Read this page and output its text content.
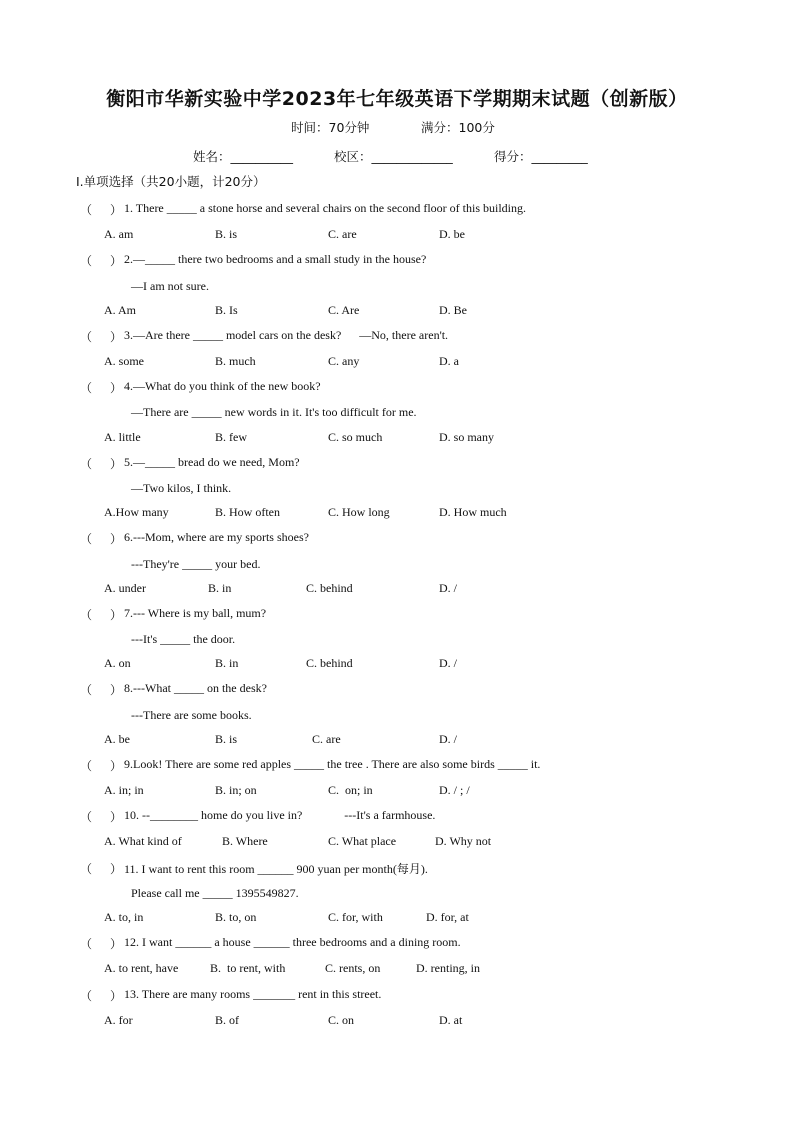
衡阳市华新实验中学2023年七年级英语下学期期末试题（创新版）
时间：70分钟	满分：100分
姓名：__________	校区：_____________	得分：_________
I.单项选择（共20小题，计20分）
（      ） 1. There _____ a stone horse and several chairs on the second floor of this building.
A. am	B. is	C. are	D. be
（      ） 2.—_____ there two bedrooms and a small study in the house?
—I am not sure.
A. Am	B. Is	C. Are	D. Be
（      ） 3.—Are there _____ model cars on the desk?      —No, there aren't.
A. some	B. much	C. any	D. a
（      ） 4.—What do you think of the new book?
—There are _____ new words in it. It's too difficult for me.
A. little	B. few	C. so much	D. so many
（      ） 5.—_____ bread do we need, Mom?
—Two kilos, I think.
A.How many	B. How often	C. How long	D. How much
（      ） 6.---Mom, where are my sports shoes?
---They're _____ your bed.
A. under	B. in	C. behind	D. /
（      ） 7.--- Where is my ball, mum?
---It's _____ the door.
A. on	B. in	C. behind	D. /
（      ） 8.---What _____ on the desk?
---There are some books.
A. be	B. is	C. are	D. /
（      ） 9.Look! There are some red apples _____ the tree . There are also some birds _____ it.
A. in; in	B. in; on	C.  on; in	D. / ; /
（      ） 10. --________ home do you live in?              ---It's a farmhouse.
A. What kind of	B. Where	C. What place	D. Why not
（      ） 11. I want to rent this room ______ 900 yuan per month(每月).
Please call me _____ 1395549827.
A. to, in	B. to, on	C. for, with	D. for, at
（      ） 12. I want ______ a house ______ three bedrooms and a dining room.
A. to rent, have	B.  to rent, with	C. rents, on	D. renting, in
（      ） 13. There are many rooms _______ rent in this street.
A. for	B. of	C. on	D. at
